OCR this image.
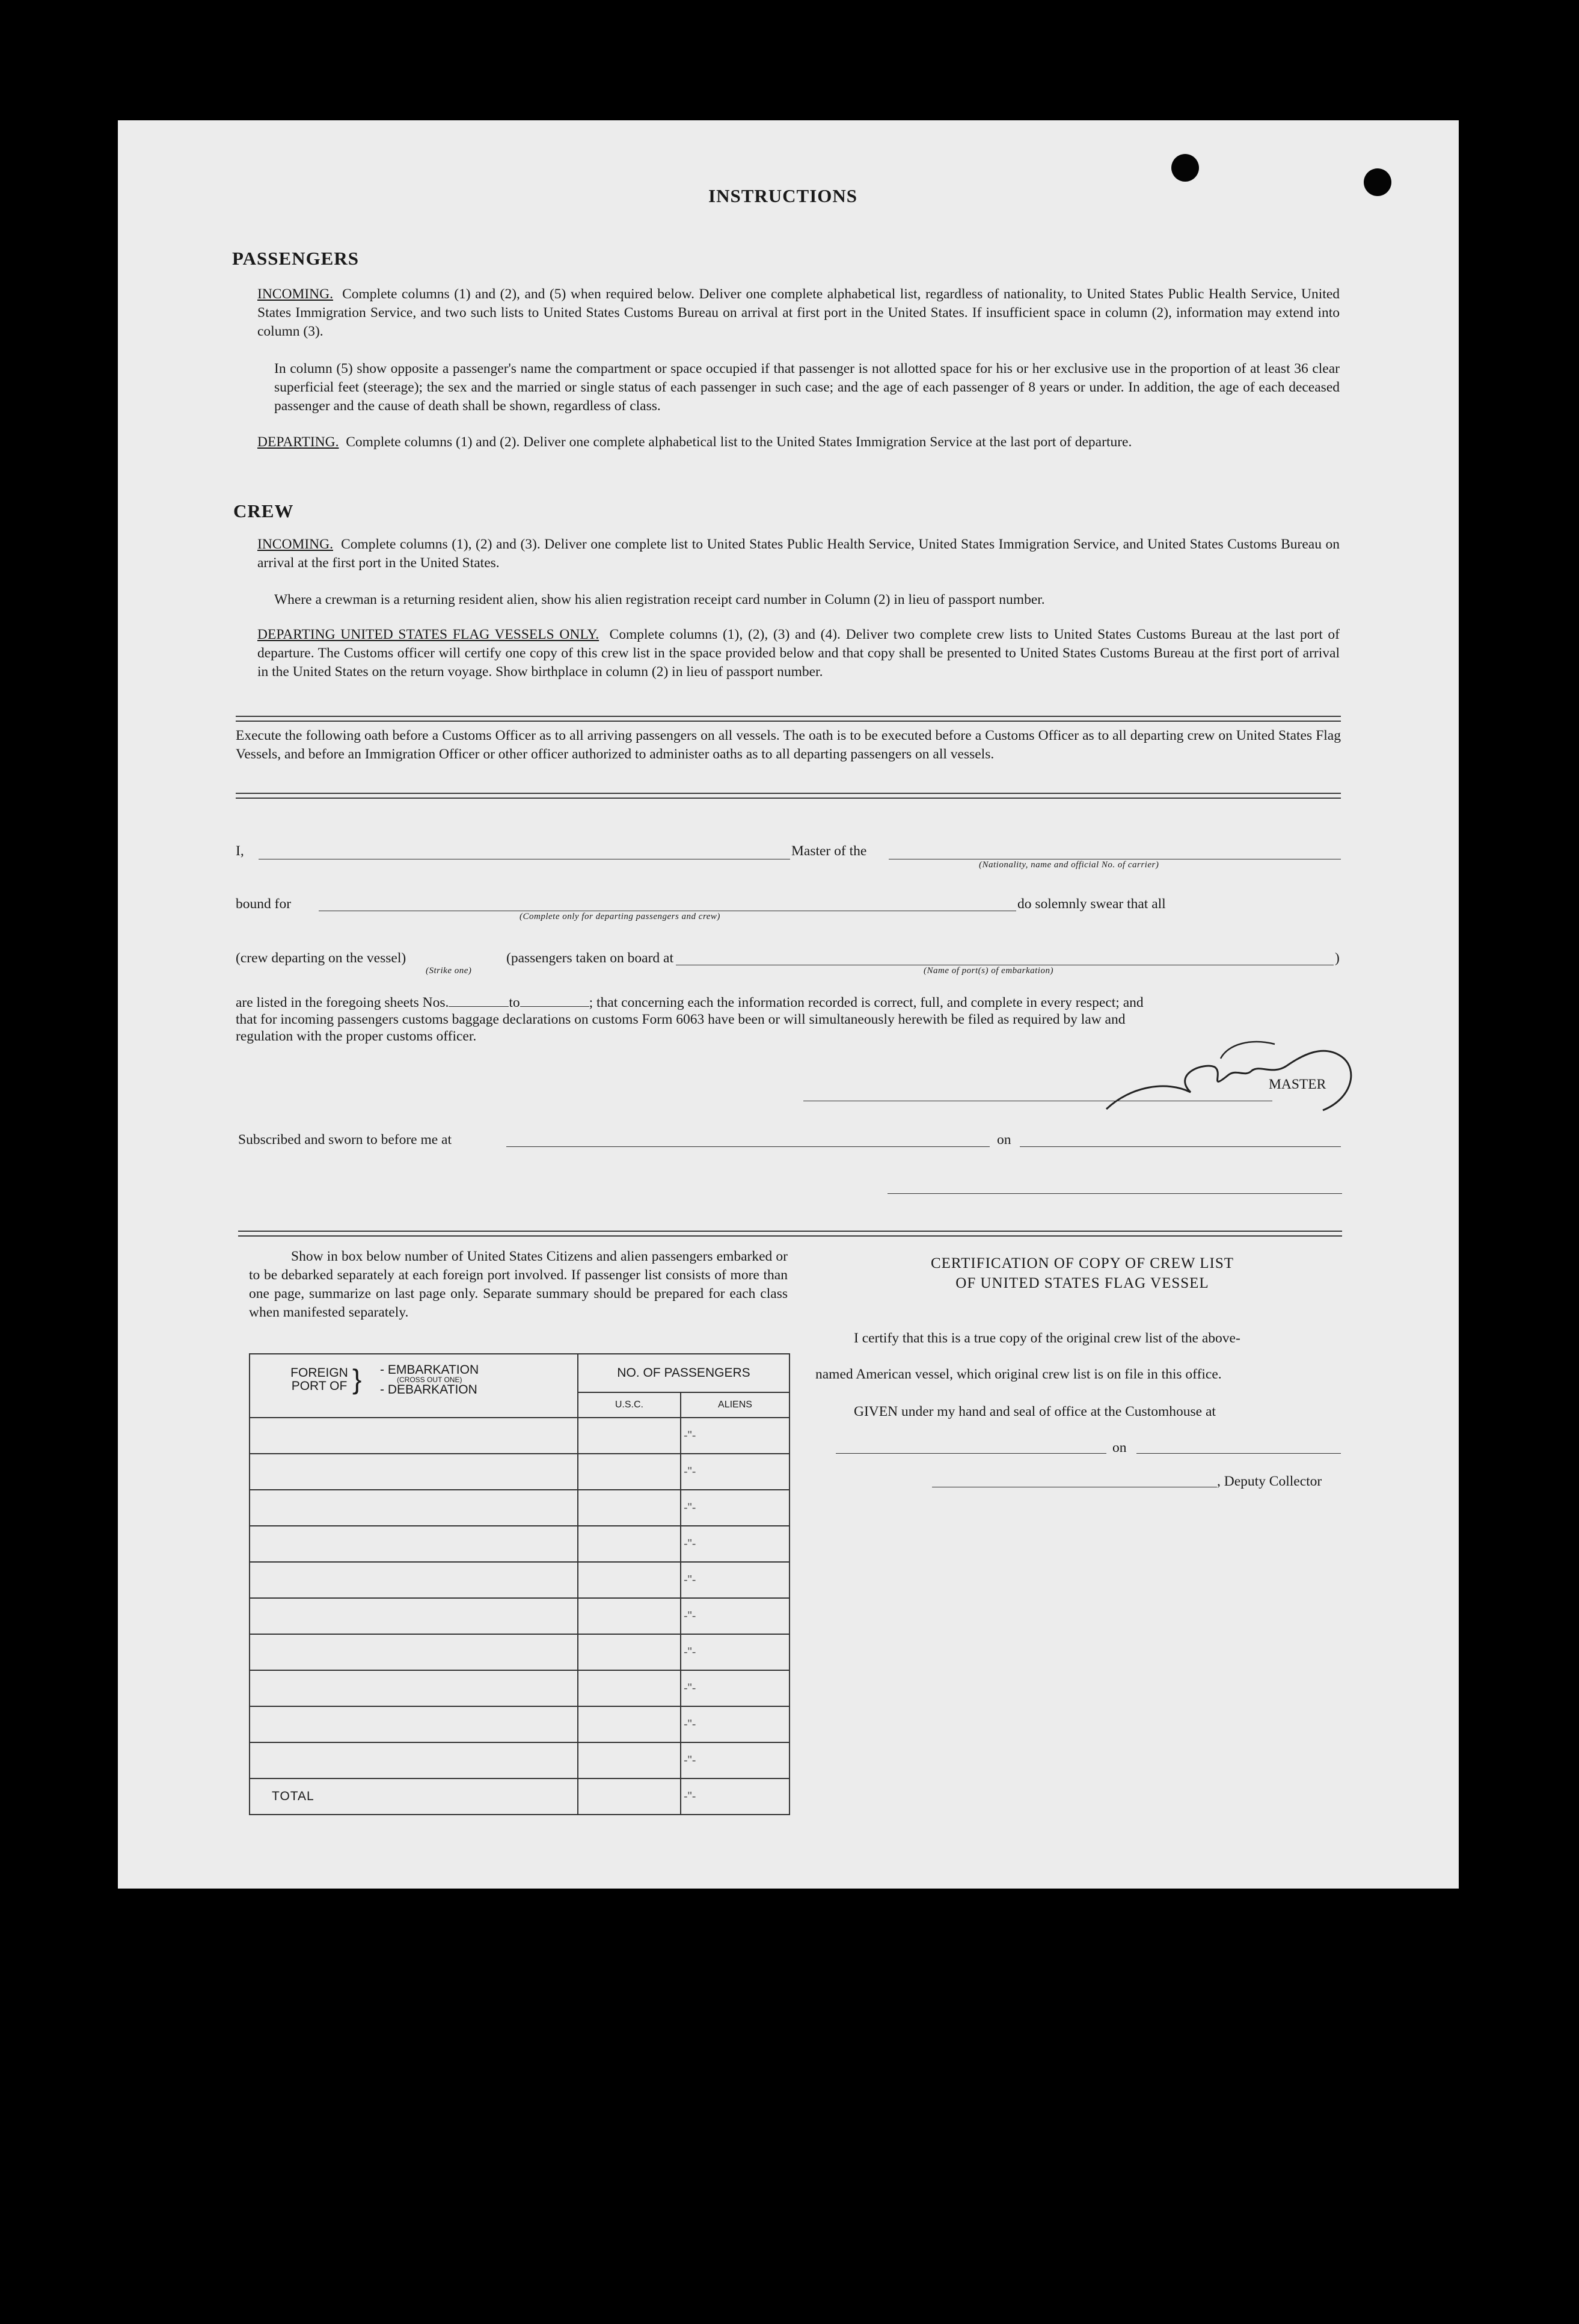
INSTRUCTIONS
PASSENGERS
INCOMING. Complete columns (1) and (2), and (5) when required below. Deliver one complete alphabetical list, regardless of nationality, to United States Public Health Service, United States Immigration Service, and two such lists to United States Customs Bureau on arrival at first port in the United States. If insufficient space in column (2), information may extend into column (3).
In column (5) show opposite a passenger's name the compartment or space occupied if that passenger is not allotted space for his or her exclusive use in the proportion of at least 36 clear superficial feet (steerage); the sex and the married or single status of each passenger in such case; and the age of each passenger of 8 years or under. In addition, the age of each deceased passenger and the cause of death shall be shown, regardless of class.
DEPARTING. Complete columns (1) and (2). Deliver one complete alphabetical list to the United States Immigration Service at the last port of departure.
CREW
INCOMING. Complete columns (1), (2) and (3). Deliver one complete list to United States Public Health Service, United States Immigration Service, and United States Customs Bureau on arrival at the first port in the United States.
Where a crewman is a returning resident alien, show his alien registration receipt card number in Column (2) in lieu of passport number.
DEPARTING UNITED STATES FLAG VESSELS ONLY. Complete columns (1), (2), (3) and (4). Deliver two complete crew lists to United States Customs Bureau at the last port of departure. The Customs officer will certify one copy of this crew list in the space provided below and that copy shall be presented to United States Customs Bureau at the first port of arrival in the United States on the return voyage. Show birthplace in column (2) in lieu of passport number.
Execute the following oath before a Customs Officer as to all arriving passengers on all vessels. The oath is to be executed before a Customs Officer as to all departing crew on United States Flag Vessels, and before an Immigration Officer or other officer authorized to administer oaths as to all departing passengers on all vessels.
I,	Master of the
(Nationality, name and official No. of carrier)
bound for
(Complete only for departing passengers and crew)
do solemnly swear that all
(crew departing on the vessel)
(Strike one)
(passengers taken on board at	)
(Name of port(s) of embarkation)
are listed in the foregoing sheets Nos.	to	; that concerning each the information recorded is correct, full, and complete in every respect; and
that for incoming passengers customs baggage declarations on customs Form 6063 have been or will simultaneously herewith be filed as required by law and
regulation with the proper customs officer.
MASTER
Subscribed and sworn to before me at	on
Show in box below number of United States Citizens and alien passengers embarked or to be debarked separately at each foreign port involved. If passenger list consists of more than one page, summarize on last page only. Separate summary should be prepared for each class when manifested separately.
FOREIGN PORT OF } - EMBARKATION
(CROSS OUT ONE)
- DEBARKATION	NO. OF PASSENGERS	
	U.S.C.	ALIENS
		-"-
		-"-
		-"-
		-"-
		-"-
		-"-
		-"-
		-"-
		-"-
		-"-
TOTAL		-"-
CERTIFICATION OF COPY OF CREW LIST
OF UNITED STATES FLAG VESSEL
I certify that this is a true copy of the original crew list of the above-
named American vessel, which original crew list is on file in this office.
GIVEN under my hand and seal of office at the Customhouse at
on
, Deputy Collector
